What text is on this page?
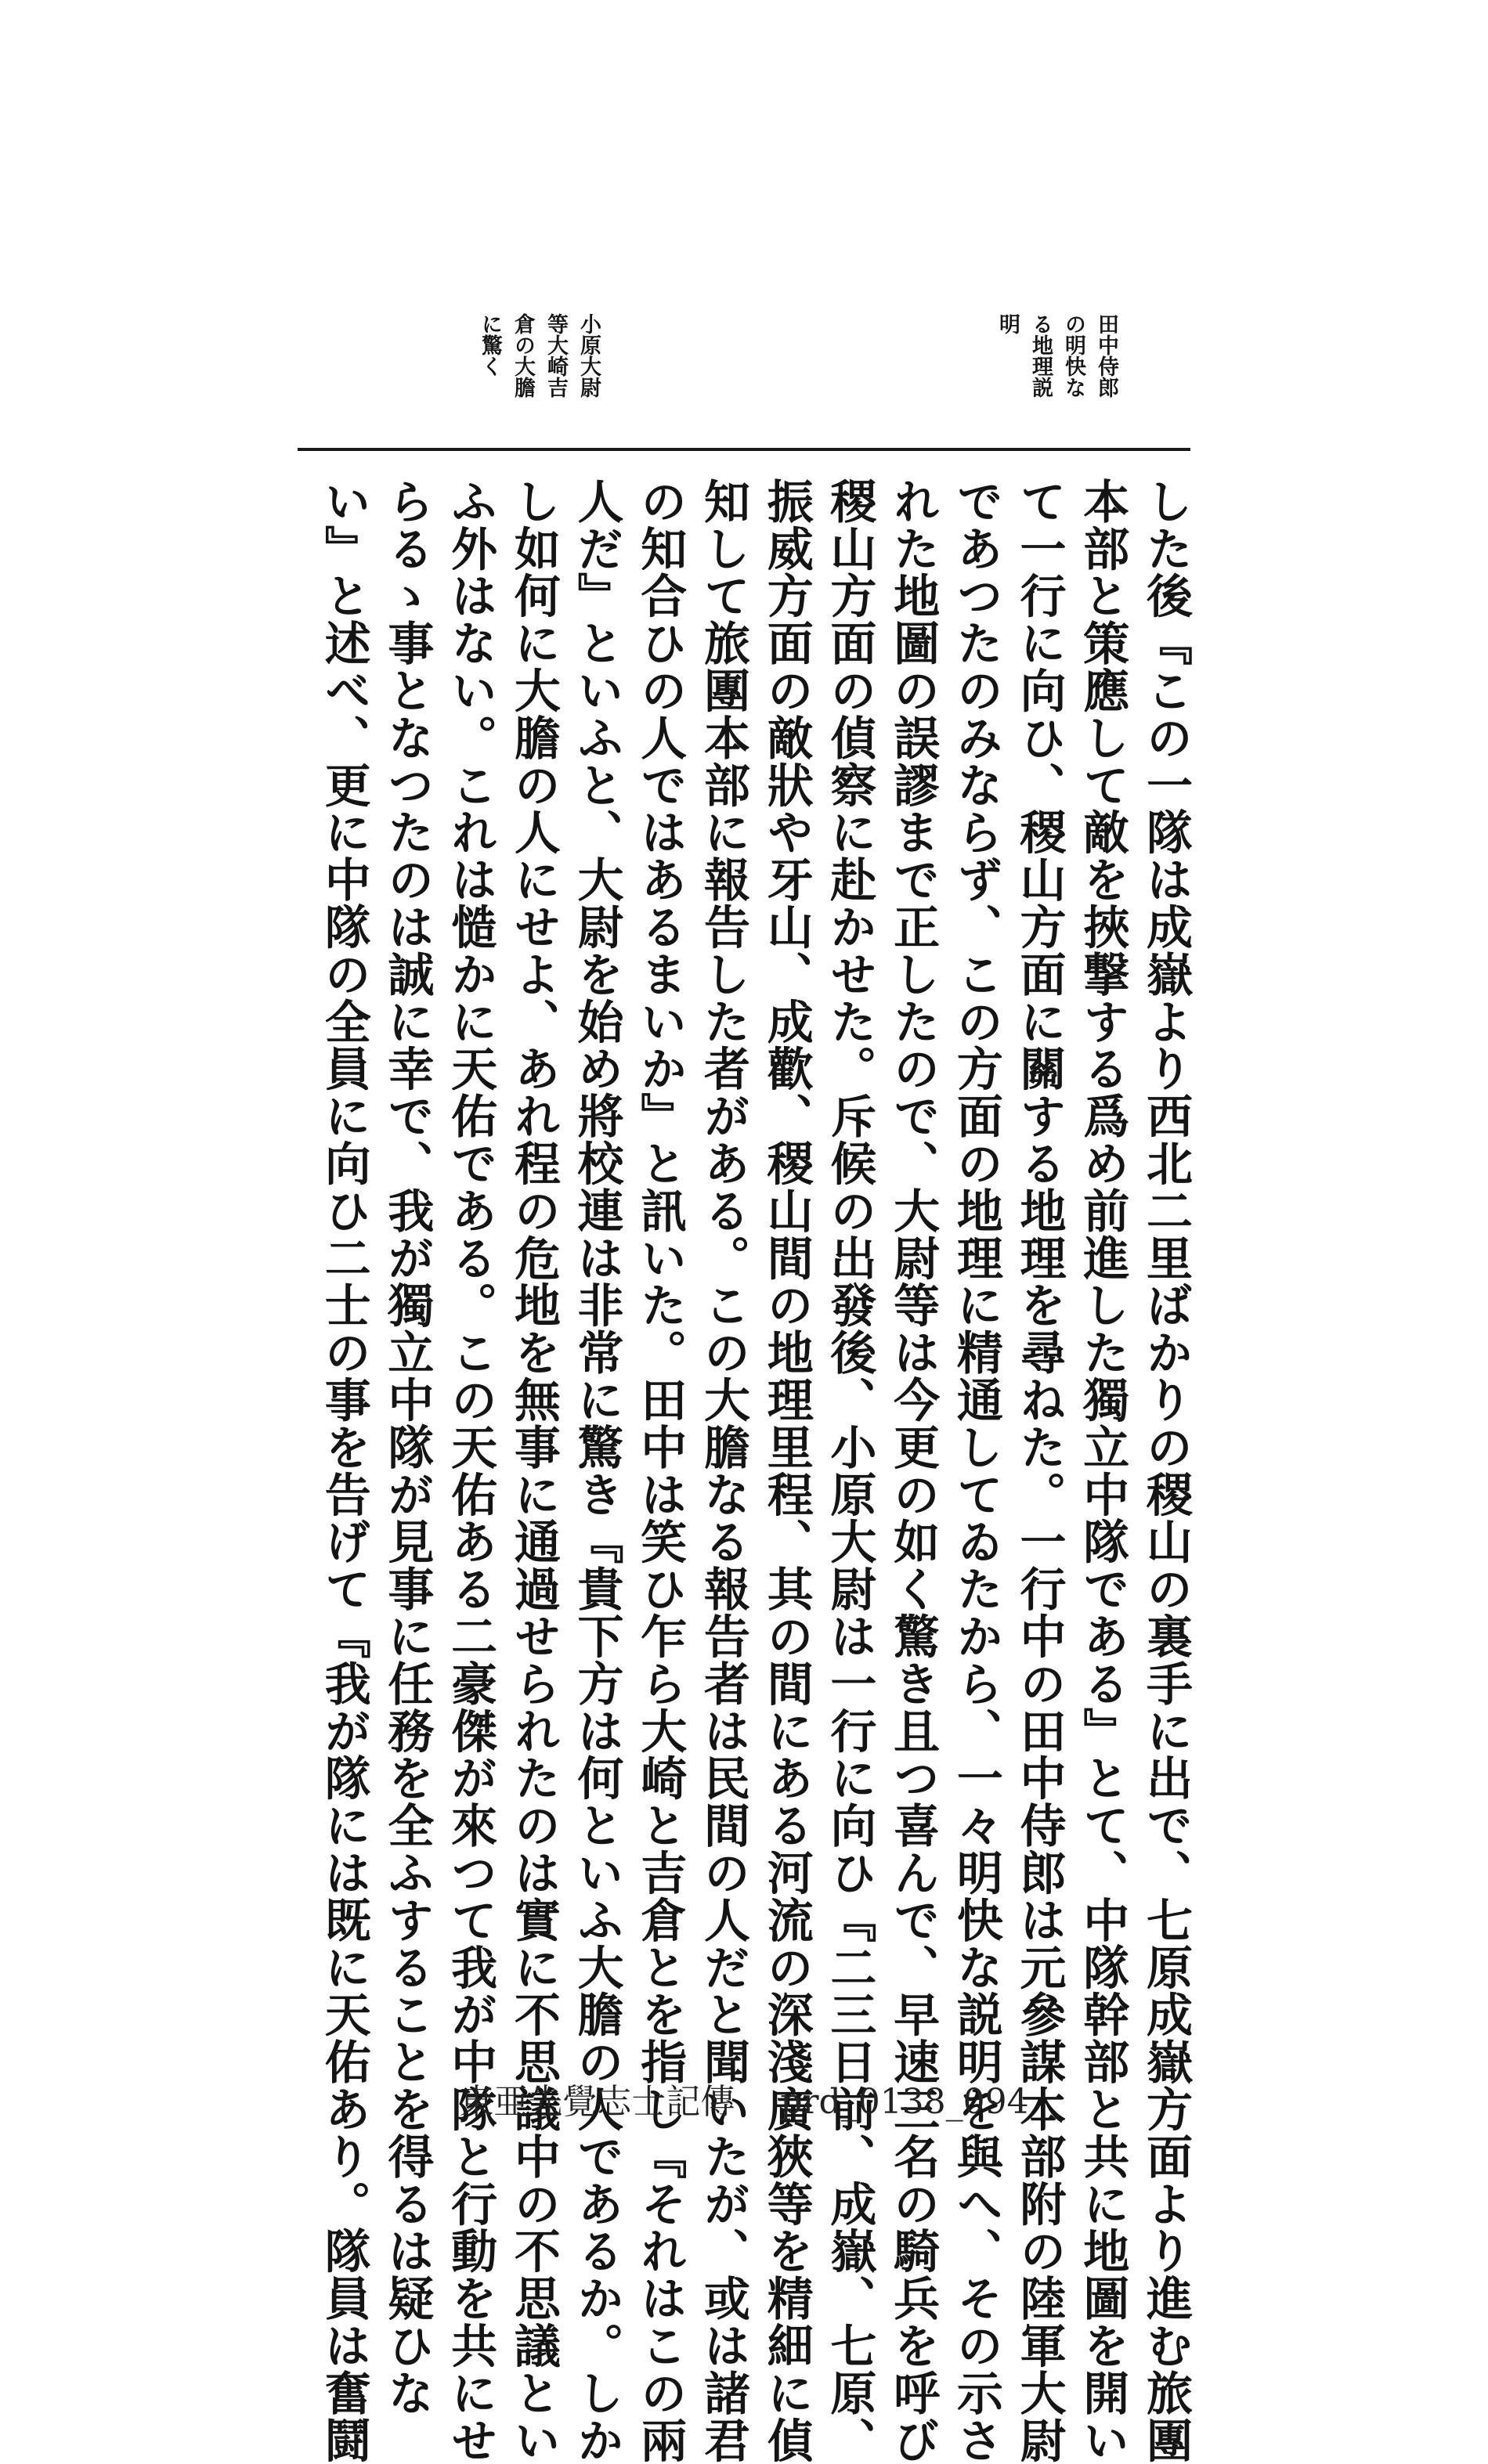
田中侍郎
の明快な
る地理説
明
小原大尉
等大崎吉
倉の大膽
に驚く
した後『この一隊は成嶽より西北二里ばかりの稷山の裏手に出で、七原成嶽方面より進む旅團
本部と策應して敵を挾撃する爲め前進した獨立中隊である』とて、中隊幹部と共に地圖を開い
て一行に向ひ、稷山方面に關する地理を尋ねた。一行中の田中侍郎は元參謀本部附の陸軍大尉
であつたのみならず、この方面の地理に精通してゐたから、一々明快な説明を與へ、その示さ
れた地圖の誤謬まで正したので、大尉等は今更の如く驚き且つ喜んで、早速三名の騎兵を呼び
稷山方面の偵察に赴かせた。斥候の出發後、小原大尉は一行に向ひ『二三日前、成嶽、七原、
振威方面の敵狀や牙山、成歡、稷山間の地理里程、其の間にある河流の深淺廣狹等を精細に偵
知して旅團本部に報告した者がある。この大膽なる報告者は民間の人だと聞いたが、或は諸君
の知合ひの人ではあるまいか』と訊いた。田中は笑ひ乍ら大崎と吉倉とを指し『それはこの兩
人だ』といふと、大尉を始め將校連は非常に驚き『貴下方は何といふ大膽の人であるか。しか
し如何に大膽の人にせよ、あれ程の危地を無事に通過せられたのは實に不思議中の不思議とい
ふ外はない。これは慥かに天佑である。この天佑ある二豪傑が來つて我が中隊と行動を共にせ
らるゝ事となつたのは誠に幸で、我が獨立中隊が見事に任務を全ふすることを得るは疑ひな
い』と述べ、更に中隊の全員に向ひ二士の事を告げて『我が隊には既に天佑あり。隊員は奮鬪	東亜先覺志士記傳 prd_0138_094
